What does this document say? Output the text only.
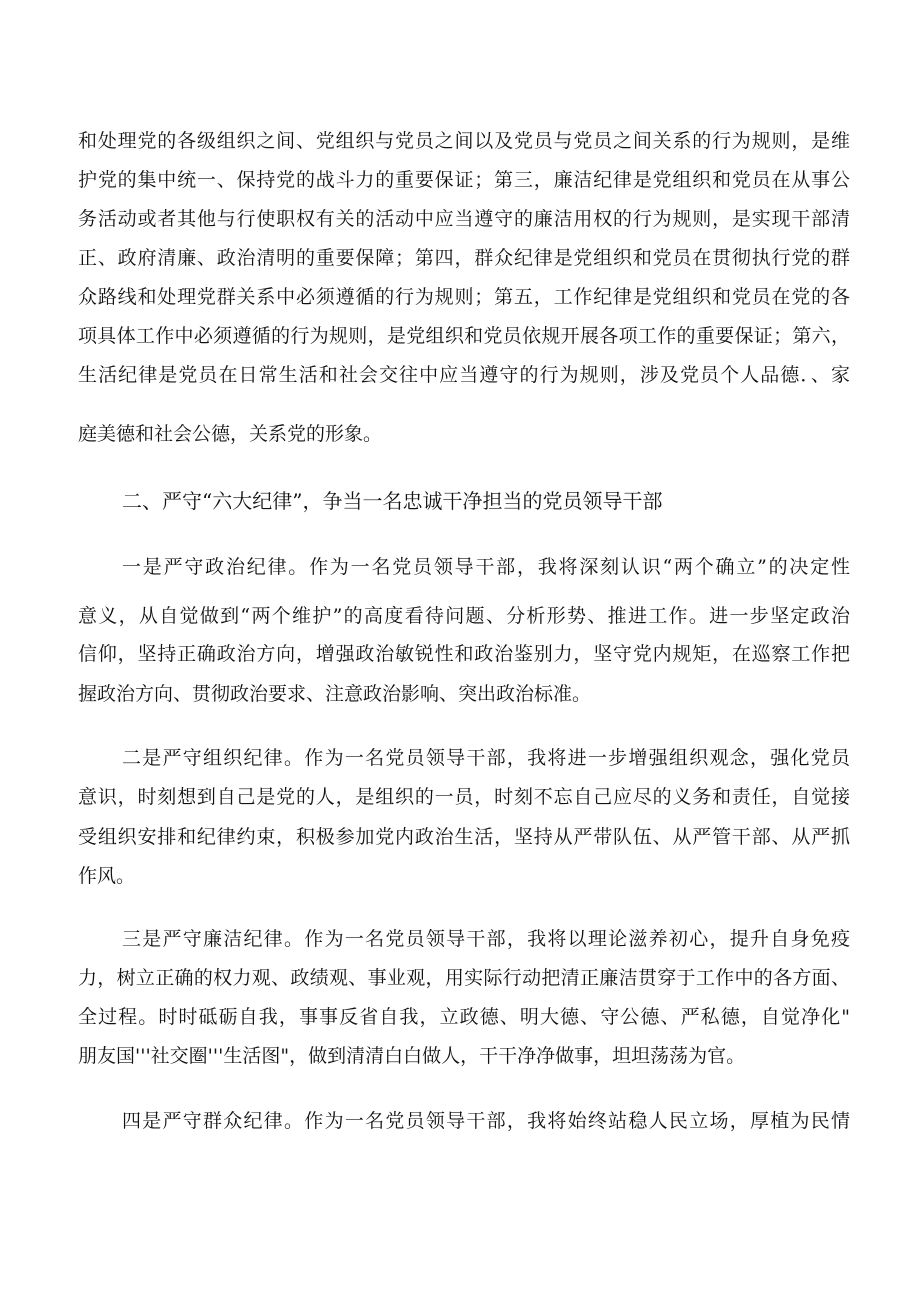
和处理党的各级组织之间、党组织与党员之间以及党员与党员之间关系的行为规则，是维
护党的集中统一、保持党的战斗力的重要保证；第三，廉洁纪律是党组织和党员在从事公
务活动或者其他与行使职权有关的活动中应当遵守的廉洁用权的行为规则，是实现干部清
正、政府清廉、政治清明的重要保障；第四，群众纪律是党组织和党员在贯彻执行党的群
众路线和处理党群关系中必须遵循的行为规则；第五，工作纪律是党组织和党员在党的各
项具体工作中必须遵循的行为规则，是党组织和党员依规开展各项工作的重要保证；第六，
生活纪律是党员在日常生活和社会交往中应当遵守的行为规则，涉及党员个人品德．、家
庭美德和社会公德，关系党的形象。
二、严守“六大纪律”，争当一名忠诚干净担当的党员领导干部
一是严守政治纪律。作为一名党员领导干部，我将深刻认识“两个确立”的决定性
意义，从自觉做到“两个维护”的高度看待问题、分析形势、推进工作。进一步坚定政治
信仰，坚持正确政治方向，增强政治敏锐性和政治鉴别力，坚守党内规矩，在巡察工作把
握政治方向、贯彻政治要求、注意政治影响、突出政治标准。
二是严守组织纪律。作为一名党员领导干部，我将进一步增强组织观念，强化党员
意识，时刻想到自己是党的人，是组织的一员，时刻不忘自己应尽的义务和责任，自觉接
受组织安排和纪律约束，积极参加党内政治生活，坚持从严带队伍、从严管干部、从严抓
作风。
三是严守廉洁纪律。作为一名党员领导干部，我将以理论滋养初心，提升自身免疫
力，树立正确的权力观、政绩观、事业观，用实际行动把清正廉洁贯穿于工作中的各方面、
全过程。时时砥砺自我，事事反省自我，立政德、明大德、守公德、严私德，自觉净化"
朋友国'''社交圈'''生活图"，做到清清白白做人，干干净净做事，坦坦荡荡为官。
四是严守群众纪律。作为一名党员领导干部，我将始终站稳人民立场，厚植为民情
